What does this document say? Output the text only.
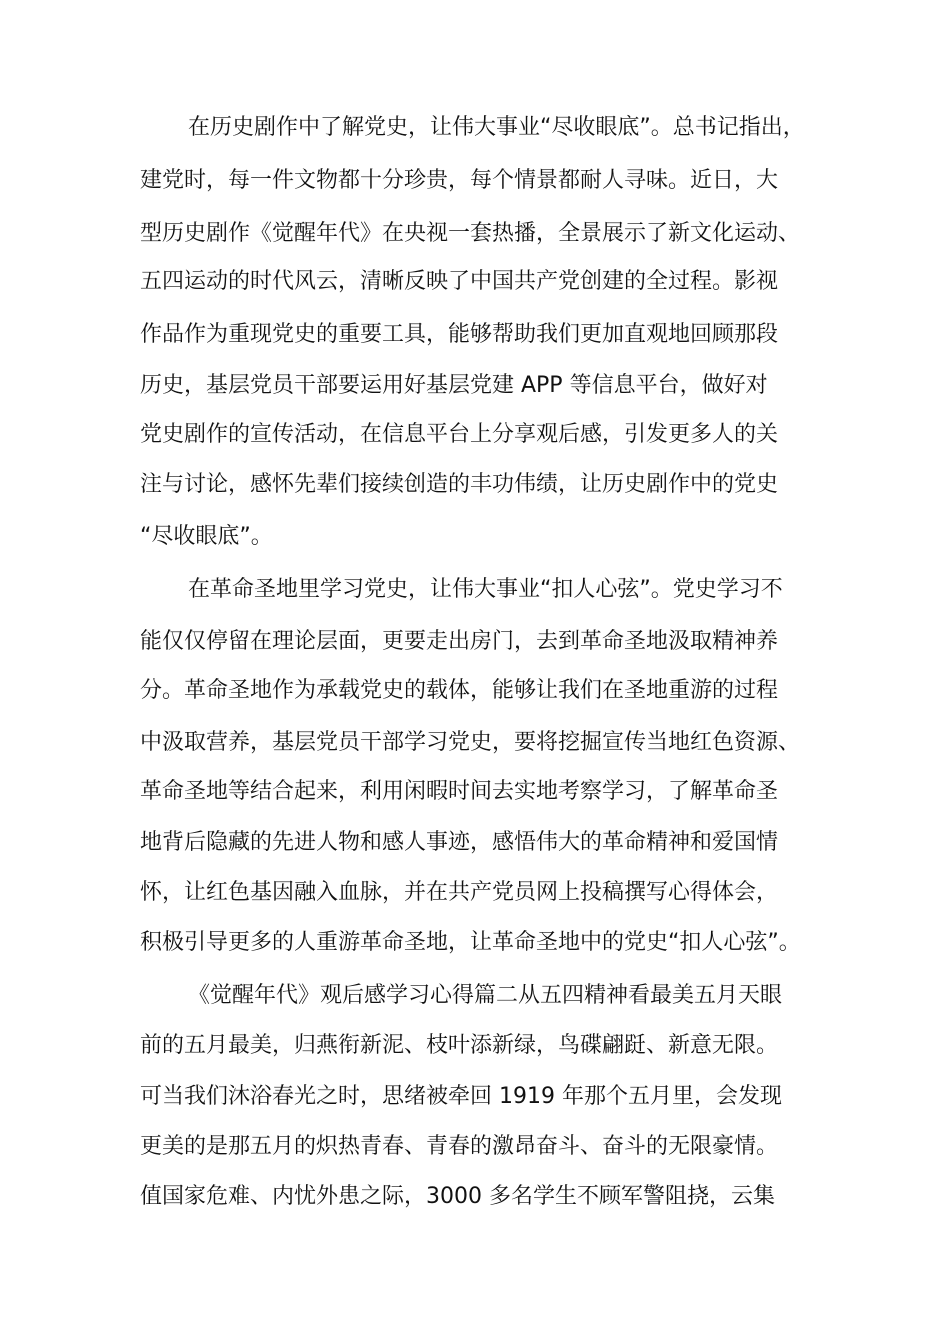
在历史剧作中了解党史，让伟大事业“尽收眼底”。总书记指出，
建党时，每一件文物都十分珍贵，每个情景都耐人寻味。近日，大
型历史剧作《觉醒年代》在央视一套热播，全景展示了新文化运动、
五四运动的时代风云，清晰反映了中国共产党创建的全过程。影视
作品作为重现党史的重要工具，能够帮助我们更加直观地回顾那段
历史，基层党员干部要运用好基层党建 APP 等信息平台，做好对
党史剧作的宣传活动，在信息平台上分享观后感，引发更多人的关
注与讨论，感怀先辈们接续创造的丰功伟绩，让历史剧作中的党史
“尽收眼底”。
在革命圣地里学习党史，让伟大事业“扣人心弦”。党史学习不
能仅仅停留在理论层面，更要走出房门，去到革命圣地汲取精神养
分。革命圣地作为承载党史的载体，能够让我们在圣地重游的过程
中汲取营养，基层党员干部学习党史，要将挖掘宣传当地红色资源、
革命圣地等结合起来，利用闲暇时间去实地考察学习，了解革命圣
地背后隐藏的先进人物和感人事迹，感悟伟大的革命精神和爱国情
怀，让红色基因融入血脉，并在共产党员网上投稿撰写心得体会，
积极引导更多的人重游革命圣地，让革命圣地中的党史“扣人心弦”。
《觉醒年代》观后感学习心得篇二从五四精神看最美五月天眼
前的五月最美，归燕衔新泥、枝叶添新绿，鸟碟翩跹、新意无限。
可当我们沐浴春光之时，思绪被牵回 1919 年那个五月里，会发现
更美的是那五月的炽热青春、青春的激昂奋斗、奋斗的无限豪情。
值国家危难、内忧外患之际，3000 多名学生不顾军警阻挠，云集
